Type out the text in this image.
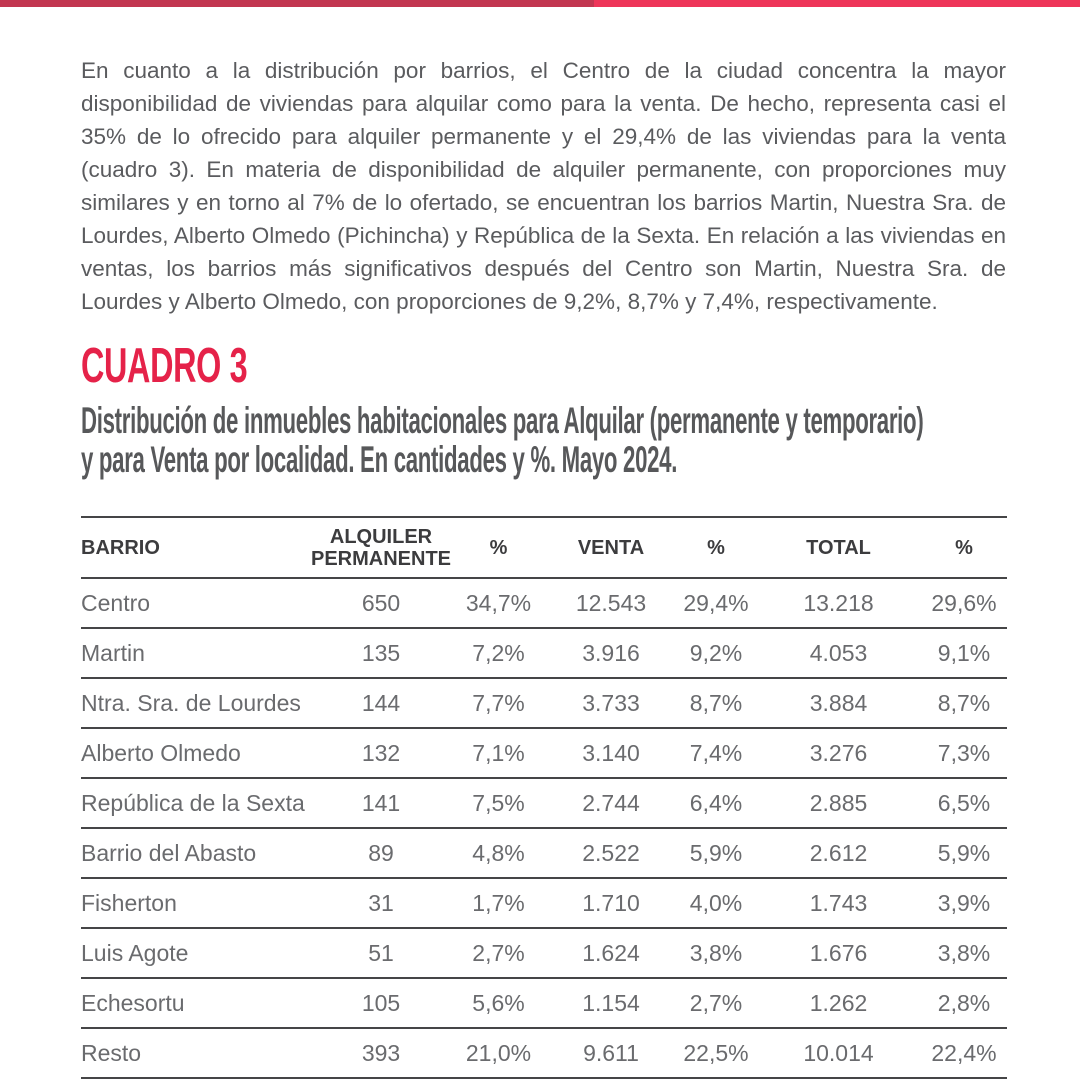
En cuanto a la distribución por barrios, el Centro de la ciudad concentra la mayor disponibilidad de viviendas para alquilar como para la venta. De hecho, representa casi el 35% de lo ofrecido para alquiler permanente y el 29,4% de las viviendas para la venta (cuadro 3). En materia de disponibilidad de alquiler permanente, con proporciones muy similares y en torno al 7% de lo ofertado, se encuentran los barrios Martin, Nuestra Sra. de Lourdes, Alberto Olmedo (Pichincha) y República de la Sexta. En relación a las viviendas en ventas, los barrios más significativos después del Centro son Martin, Nuestra Sra. de Lourdes y Alberto Olmedo, con proporciones de 9,2%, 8,7% y 7,4%, respectivamente.

CUADRO 3
Distribución de inmuebles habitacionales para Alquilar (permanente y temporario)
y para Venta por localidad. En cantidades y %. Mayo 2024.
BARRIO	ALQUILER PERMANENTE	%	VENTA	%	TOTAL	%
Centro	650	34,7%	12.543	29,4%	13.218	29,6%
Martin	135	7,2%	3.916	9,2%	4.053	9,1%
Ntra. Sra. de Lourdes	144	7,7%	3.733	8,7%	3.884	8,7%
Alberto Olmedo	132	7,1%	3.140	7,4%	3.276	7,3%
República de la Sexta	141	7,5%	2.744	6,4%	2.885	6,5%
Barrio del Abasto	89	4,8%	2.522	5,9%	2.612	5,9%
Fisherton	31	1,7%	1.710	4,0%	1.743	3,9%
Luis Agote	51	2,7%	1.624	3,8%	1.676	3,8%
Echesortu	105	5,6%	1.154	2,7%	1.262	2,8%
Resto	393	21,0%	9.611	22,5%	10.014	22,4%
